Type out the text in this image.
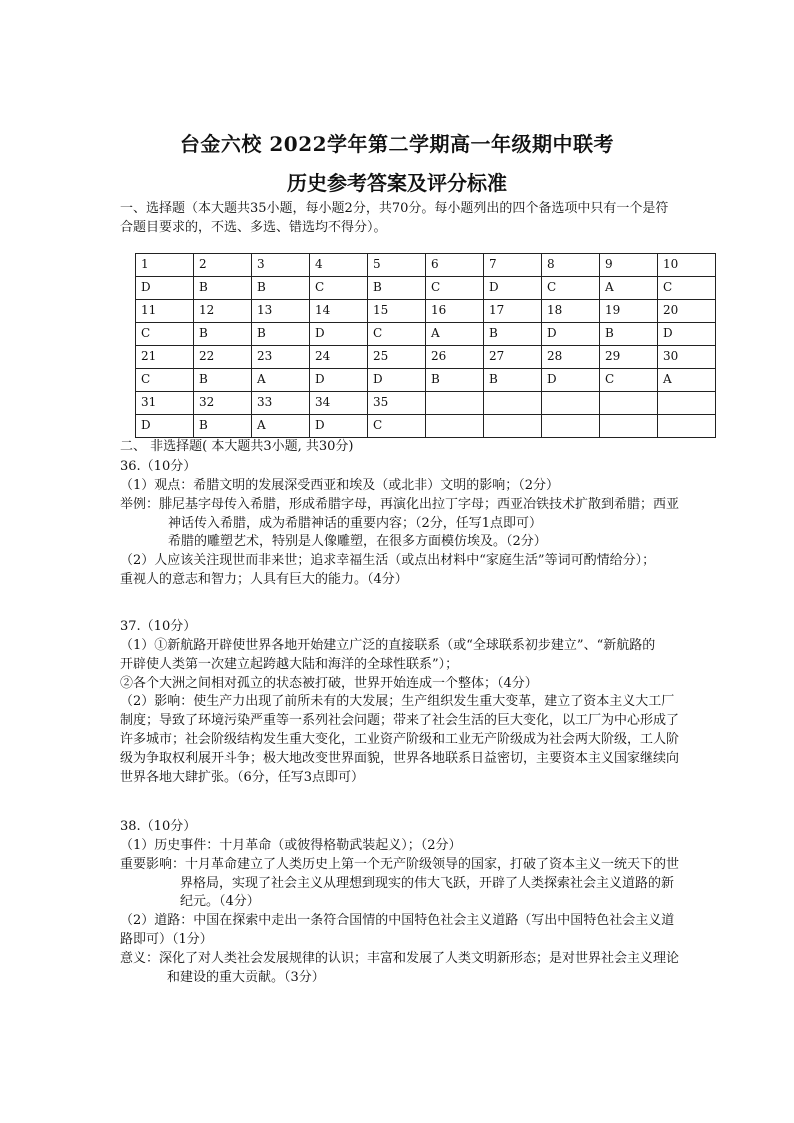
台金六校 2022学年第二学期高一年级期中联考
历史参考答案及评分标准

一、选择题（本大题共35小题，每小题2分，共70分。每小题列出的四个备选项中只有一个是符

合题目要求的，不选、多选、错选均不得分）。

1	2	3	4	5	6	7	8	9	10
D	B	B	C	B	C	D	C	A	C
11	12	13	14	15	16	17	18	19	20
C	B	B	D	C	A	B	D	B	D
21	22	23	24	25	26	27	28	29	30
C	B	A	D	D	B	B	D	C	A
31	32	33	34	35					
D	B	A	D	C					
二、 非选择题( 本大题共3小题, 共30分)

36.（10分）

（1）观点：希腊文明的发展深受西亚和埃及（或北非）文明的影响；（2分）

举例：腓尼基字母传入希腊，形成希腊字母，再演化出拉丁字母；西亚冶铁技术扩散到希腊；西亚

神话传入希腊，成为希腊神话的重要内容；（2分，任写1点即可）

希腊的雕塑艺术，特别是人像雕塑，在很多方面模仿埃及。（2分）

（2）人应该关注现世而非来世；追求幸福生活（或点出材料中“家庭生活”等词可酌情给分）；

重视人的意志和智力；人具有巨大的能力。（4分）

37.（10分）

（1）①新航路开辟使世界各地开始建立广泛的直接联系（或“全球联系初步建立”、“新航路的

开辟使人类第一次建立起跨越大陆和海洋的全球性联系”）；

②各个大洲之间相对孤立的状态被打破，世界开始连成一个整体；（4分）

（2）影响：使生产力出现了前所未有的大发展；生产组织发生重大变革，建立了资本主义大工厂

制度；导致了环境污染严重等一系列社会问题；带来了社会生活的巨大变化，以工厂为中心形成了

许多城市；社会阶级结构发生重大变化，工业资产阶级和工业无产阶级成为社会两大阶级，工人阶

级为争取权利展开斗争；极大地改变世界面貌，世界各地联系日益密切，主要资本主义国家继续向

世界各地大肆扩张。（6分，任写3点即可）

38.（10分）

（1）历史事件：十月革命（或彼得格勒武装起义）；（2分）

重要影响：十月革命建立了人类历史上第一个无产阶级领导的国家，打破了资本主义一统天下的世

界格局，实现了社会主义从理想到现实的伟大飞跃，开辟了人类探索社会主义道路的新

纪元。（4分）

（2）道路：中国在探索中走出一条符合国情的中国特色社会主义道路（写出中国特色社会主义道

路即可）（1分）

意义：深化了对人类社会发展规律的认识；丰富和发展了人类文明新形态；是对世界社会主义理论

和建设的重大贡献。（3分）
